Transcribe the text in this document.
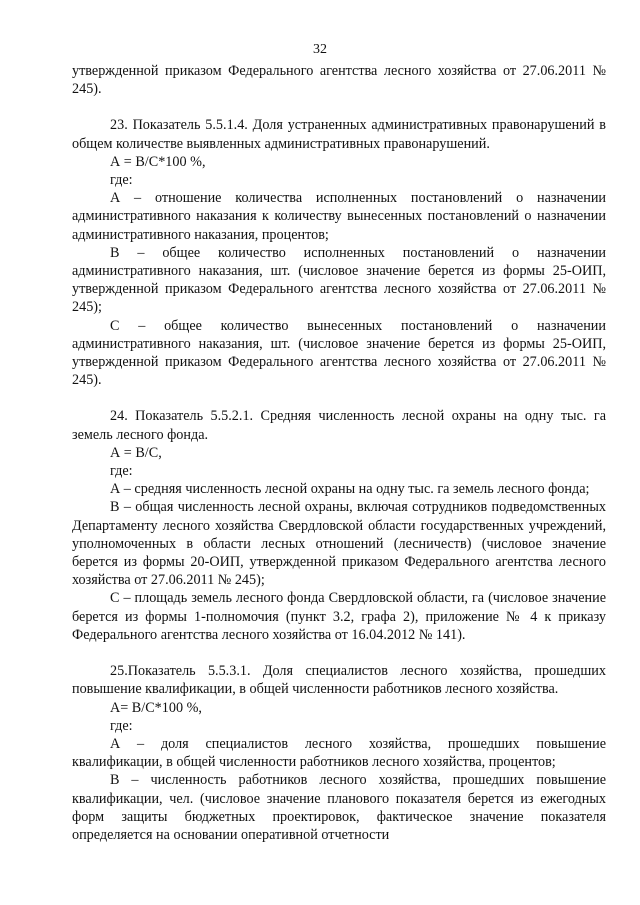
32

утвержденной приказом Федерального агентства лесного хозяйства от 27.06.2011 № 245).

23. Показатель 5.5.1.4. Доля устраненных административных правонарушений в общем количестве выявленных административных правонарушений.

А = В/С*100 %,

где:

А – отношение количества исполненных постановлений о назначении административного наказания к количеству вынесенных постановлений о назначении административного наказания, процентов;

В – общее количество исполненных постановлений о назначении административного наказания, шт. (числовое значение берется из формы 25-ОИП, утвержденной приказом Федерального агентства лесного хозяйства от 27.06.2011 № 245);

С – общее количество вынесенных постановлений о назначении административного наказания, шт. (числовое значение берется из формы 25-ОИП, утвержденной приказом Федерального агентства лесного хозяйства от 27.06.2011 № 245).

24. Показатель 5.5.2.1. Средняя численность лесной охраны на одну тыс. га земель лесного фонда.

А = В/С,

где:

А – средняя численность лесной охраны на одну тыс. га земель лесного фонда;

В – общая численность лесной охраны, включая сотрудников подведомственных Департаменту лесного хозяйства Свердловской области государственных учреждений, уполномоченных в области лесных отношений (лесничеств) (числовое значение берется из формы 20-ОИП, утвержденной приказом Федерального агентства лесного хозяйства от 27.06.2011 № 245);

С – площадь земель лесного фонда Свердловской области, га (числовое значение берется из формы 1-полномочия (пункт 3.2, графа 2), приложение № 4 к приказу Федерального агентства лесного хозяйства от 16.04.2012 № 141).

25.Показатель 5.5.3.1. Доля специалистов лесного хозяйства, прошедших повышение квалификации, в общей численности работников лесного хозяйства.

А= В/С*100 %,

где:

А – доля специалистов лесного хозяйства, прошедших повышение квалификации, в общей численности работников лесного хозяйства, процентов;

В – численность работников лесного хозяйства, прошедших повышение квалификации, чел. (числовое значение планового показателя берется из ежегодных форм защиты бюджетных проектировок, фактическое значение показателя определяется на основании оперативной отчетности
